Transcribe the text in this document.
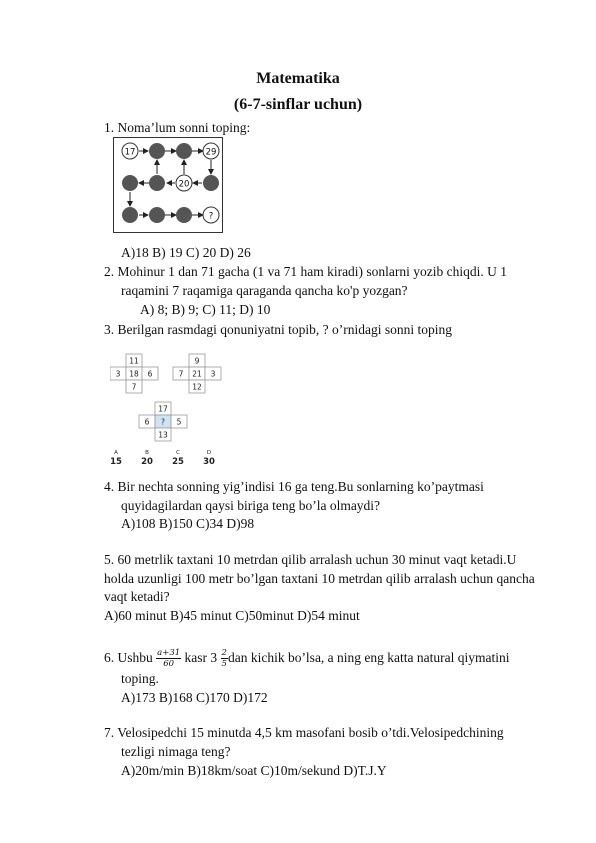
Matematika
(6-7-sinflar uchun)
1. Noma’lum sonni toping:
17	29
20
?
A)18 B) 19 C) 20 D) 26
2. Mohinur 1 dan 71 gacha (1 va 71 ham kiradi) sonlarni yozib chiqdi. U 1
raqamini 7 raqamiga qaraganda qancha ko'p yozgan?
A) 8; B) 9; C) 11; D) 10
3. Berilgan rasmdagi qonuniyatni topib, ? o’rnidagi sonni toping
11
3 18 6
7
9
7 21 3
12
17
6 ? 5
13
A
15
B
20
C
25
D
30
4. Bir nechta sonning yig’indisi 16 ga teng.Bu sonlarning ko’paytmasi
quyidagilardan qaysi biriga teng bo’la olmaydi?
A)108 B)150 C)34 D)98
5. 60 metrlik taxtani 10 metrdan qilib arralash uchun 30 minut vaqt ketadi.U
holda uzunligi 100 metr bo’lgan taxtani 10 metrdan qilib arralash uchun qancha
vaqt ketadi?
A)60 minut B)45 minut C)50minut D)54 minut
6. Ushbu $\frac{a+31}{60}$ kasr $3 \frac{2}{5}$ dan kichik bo’lsa, a ning eng katta natural qiymatini
toping.
A)173 B)168 C)170 D)172
7. Velosipedchi 15 minutda 4,5 km masofani bosib o’tdi.Velosipedchining
tezligi nimaga teng?
A)20m/min B)18km/soat C)10m/sekund D)T.J.Y
